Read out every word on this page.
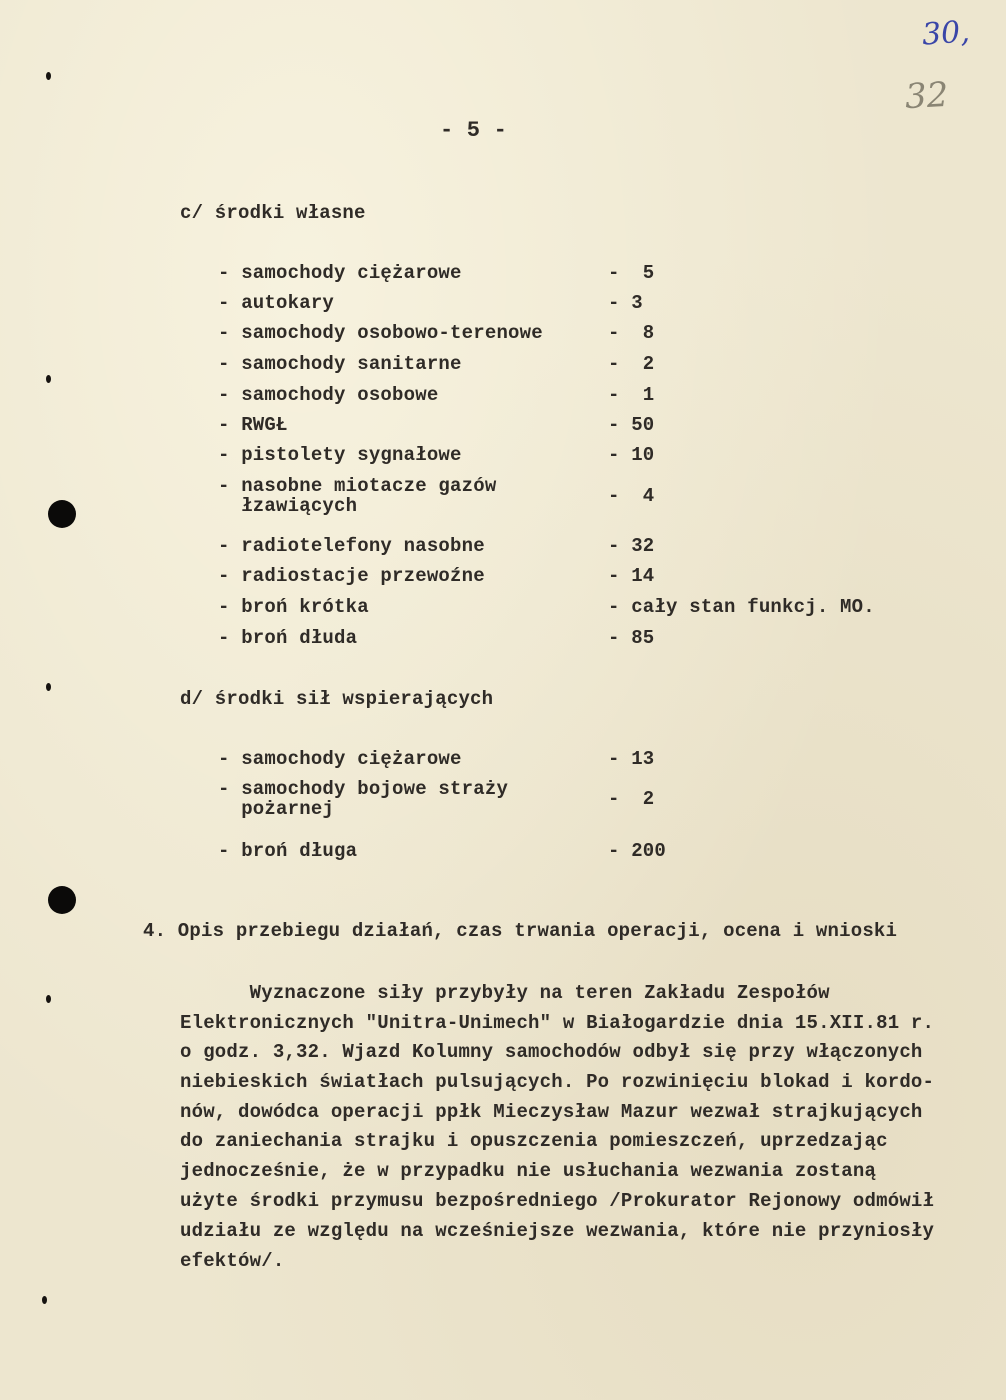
30,
32
- 5 -
c/ środki własne
- samochody ciężarowe	-  5
- autokary	- 3
- samochody osobowo-terenowe	-  8
- samochody sanitarne	-  2
- samochody osobowe	-  1
- RWGŁ	- 50
- pistolety sygnałowe	- 10
- nasobne miotacze gazów
łzawiących	-  4
- radiotelefony nasobne	- 32
- radiostacje przewoźne	- 14
- broń krótka	- cały stan funkcj. MO.
- broń dłuda	- 85
d/ środki sił wspierających
- samochody ciężarowe	- 13
- samochody bojowe straży
pożarnej	-  2
- broń długa	- 200
4. Opis przebiegu działań, czas trwania operacji, ocena i wnioski
Wyznaczone siły przybyły na teren Zakładu Zespołów
Elektronicznych "Unitra-Unimech" w Białogardzie dnia 15.XII.81 r.
o godz. 3,32. Wjazd Kolumny samochodów odbył się przy włączonych
niebieskich światłach pulsujących. Po rozwinięciu blokad i kordo-
nów, dowódca operacji ppłk Mieczysław Mazur wezwał strajkujących
do zaniechania strajku i opuszczenia pomieszczeń, uprzedzając
jednocześnie, że w przypadku nie usłuchania wezwania zostaną
użyte środki przymusu bezpośredniego /Prokurator Rejonowy odmówił
udziału ze względu na wcześniejsze wezwania, które nie przyniosły
efektów/.
